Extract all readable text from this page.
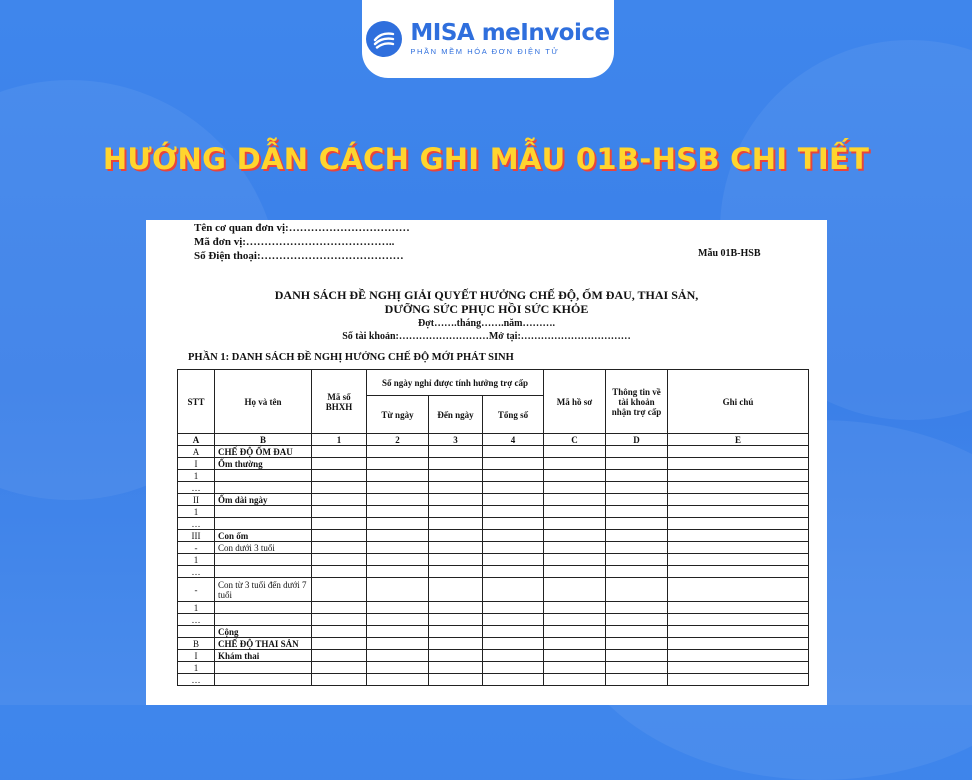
MISA meInvoice
PHẦN MỀM HÓA ĐƠN ĐIỆN TỬ
HƯỚNG DẪN CÁCH GHI MẪU 01B-HSB CHI TIẾT
Tên cơ quan đơn vị:……………………………
Mã đơn vị:…………………………………..
Số Điện thoại:…………………………………	Mẫu 01B-HSB
DANH SÁCH ĐỀ NGHỊ GIẢI QUYẾT HƯỞNG CHẾ ĐỘ, ỐM ĐAU, THAI SẢN,
DƯỠNG SỨC PHỤC HỒI SỨC KHỎE
Đợt…….tháng…….năm……….
Số tài khoản:………………………Mở tại:……………………………
PHẦN 1: DANH SÁCH ĐỀ NGHỊ HƯỞNG CHẾ ĐỘ MỚI PHÁT SINH
STT	Họ và tên	Mã số BHXH	Số ngày nghỉ được tính hưởng trợ cấp			Mã hồ sơ	Thông tin về tài khoản nhận trợ cấp	Ghi chú
			Từ ngày	Đến ngày	Tổng số			
A	B	1	2	3	4	C	D	E
A	CHẾ ĐỘ ỐM ĐAU							
I	Ốm thường							
1								
…								
II	Ốm dài ngày							
1								
…								
III	Con ốm							
-	Con dưới 3 tuổi							
1								
…								
-	Con từ 3 tuổi đến dưới 7 tuổi							
1								
…								
	Cộng							
B	CHẾ ĐỘ THAI SẢN							
I	Khám thai							
1								
…								
